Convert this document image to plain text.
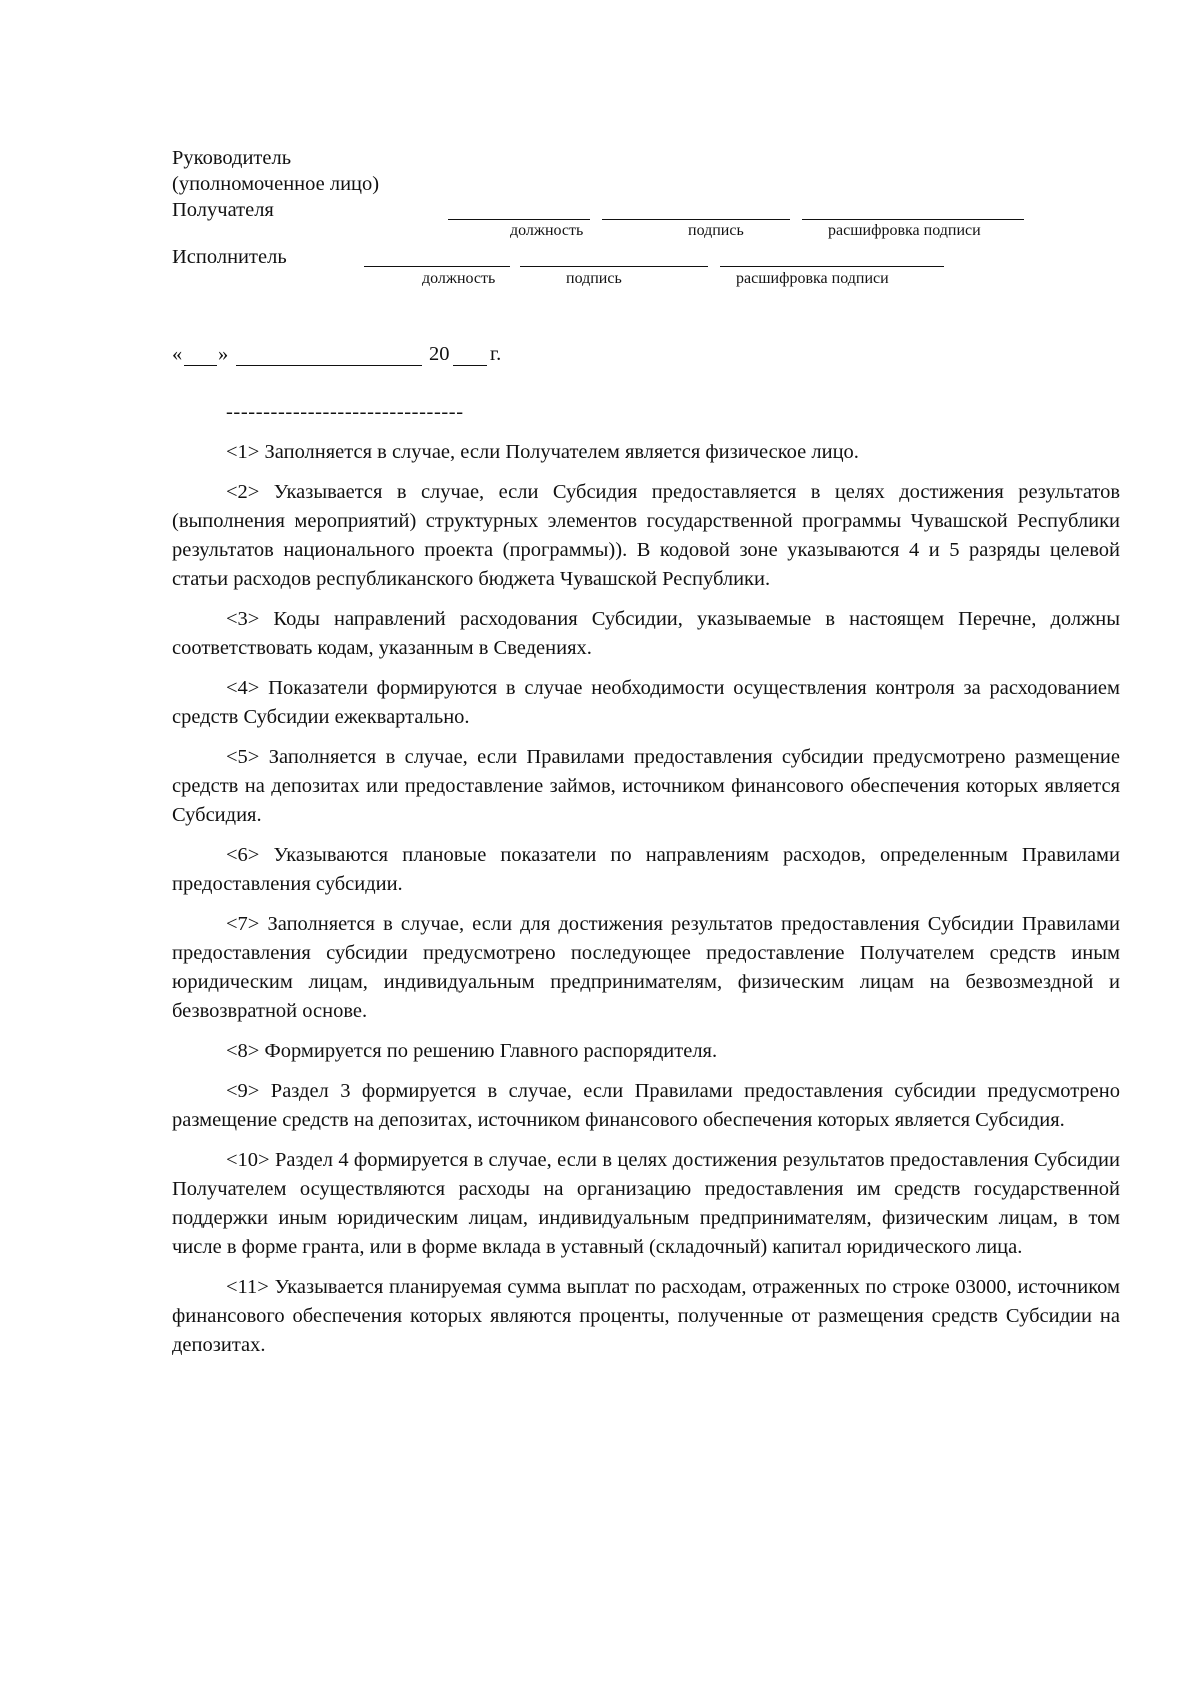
Руководитель
(уполномоченное лицо)
Получателя
должность	подпись	расшифровка подписи
Исполнитель
должность	подпись	расшифровка подписи
« »	20 г.
--------------------------------

<1> Заполняется в случае, если Получателем является физическое лицо.

<2> Указывается в случае, если Субсидия предоставляется в целях достижения результатов (выполнения мероприятий) структурных элементов государственной программы Чувашской Республики результатов национального проекта (программы)). В кодовой зоне указываются 4 и 5 разряды целевой статьи расходов республиканского бюджета Чувашской Республики.

<3> Коды направлений расходования Субсидии, указываемые в настоящем Перечне, должны соответствовать кодам, указанным в Сведениях.

<4> Показатели формируются в случае необходимости осуществления контроля за расходованием средств Субсидии ежеквартально.

<5> Заполняется в случае, если Правилами предоставления субсидии предусмотрено размещение средств на депозитах или предоставление займов, источником финансового обеспечения которых является Субсидия.

<6> Указываются плановые показатели по направлениям расходов, определенным Правилами предоставления субсидии.

<7> Заполняется в случае, если для достижения результатов предоставления Субсидии Правилами предоставления субсидии предусмотрено последующее предоставление Получателем средств иным юридическим лицам, индивидуальным предпринимателям, физическим лицам на безвозмездной и безвозвратной основе.

<8> Формируется по решению Главного распорядителя.

<9> Раздел 3 формируется в случае, если Правилами предоставления субсидии предусмотрено размещение средств на депозитах, источником финансового обеспечения которых является Субсидия.

<10> Раздел 4 формируется в случае, если в целях достижения результатов предоставления Субсидии Получателем осуществляются расходы на организацию предоставления им средств государственной поддержки иным юридическим лицам, индивидуальным предпринимателям, физическим лицам, в том числе в форме гранта, или в форме вклада в уставный (складочный) капитал юридического лица.

<11> Указывается планируемая сумма выплат по расходам, отраженных по строке 03000, источником финансового обеспечения которых являются проценты, полученные от размещения средств Субсидии на депозитах.
